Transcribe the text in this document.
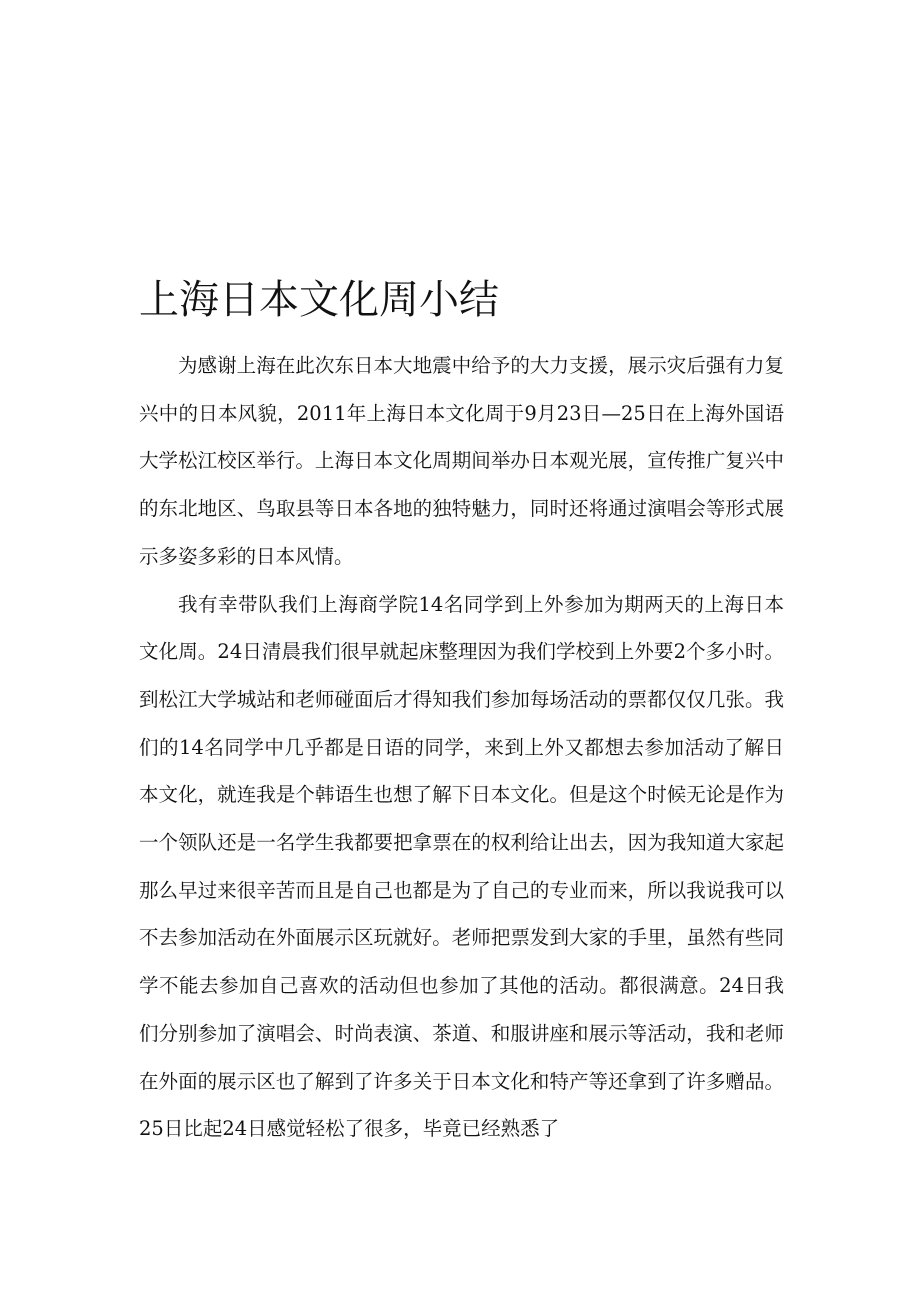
上海日本文化周小结

为感谢上海在此次东日本大地震中给予的大力支援，展示灾后强有力复兴中的日本风貌，2011年上海日本文化周于9月23日—25日在上海外国语大学松江校区举行。上海日本文化周期间举办日本观光展，宣传推广复兴中的东北地区、鸟取县等日本各地的独特魅力，同时还将通过演唱会等形式展示多姿多彩的日本风情。

我有幸带队我们上海商学院14名同学到上外参加为期两天的上海日本文化周。24日清晨我们很早就起床整理因为我们学校到上外要2个多小时。到松江大学城站和老师碰面后才得知我们参加每场活动的票都仅仅几张。我们的14名同学中几乎都是日语的同学，来到上外又都想去参加活动了解日本文化，就连我是个韩语生也想了解下日本文化。但是这个时候无论是作为一个领队还是一名学生我都要把拿票在的权利给让出去，因为我知道大家起那么早过来很辛苦而且是自己也都是为了自己的专业而来，所以我说我可以不去参加活动在外面展示区玩就好。老师把票发到大家的手里，虽然有些同学不能去参加自己喜欢的活动但也参加了其他的活动。都很满意。24日我们分别参加了演唱会、时尚表演、茶道、和服讲座和展示等活动，我和老师在外面的展示区也了解到了许多关于日本文化和特产等还拿到了许多赠品。25日比起24日感觉轻松了很多，毕竟已经熟悉了
